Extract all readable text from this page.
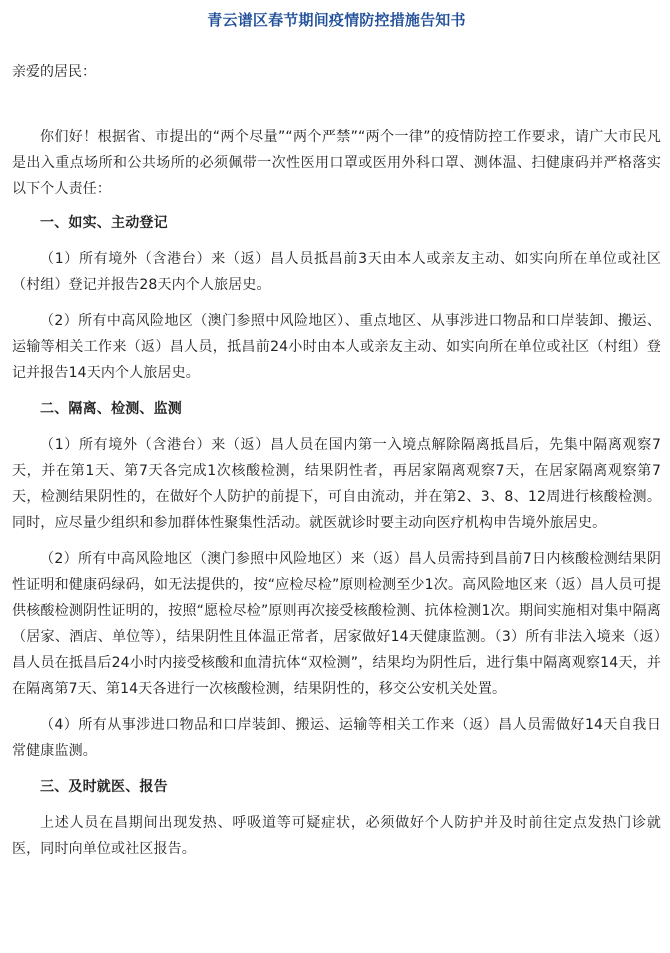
青云谱区春节期间疫情防控措施告知书

亲爱的居民：

你们好！根据省、市提出的“两个尽量”“两个严禁”“两个一律”的疫情防控工作要求，请广大市民凡是出入重点场所和公共场所的必须佩带一次性医用口罩或医用外科口罩、测体温、扫健康码并严格落实以下个人责任：

一、如实、主动登记

（1）所有境外（含港台）来（返）昌人员抵昌前3天由本人或亲友主动、如实向所在单位或社区（村组）登记并报告28天内个人旅居史。

（2）所有中高风险地区（澳门参照中风险地区）、重点地区、从事涉进口物品和口岸装卸、搬运、运输等相关工作来（返）昌人员，抵昌前24小时由本人或亲友主动、如实向所在单位或社区（村组）登记并报告14天内个人旅居史。

二、隔离、检测、监测

（1）所有境外（含港台）来（返）昌人员在国内第一入境点解除隔离抵昌后，先集中隔离观察7天，并在第1天、第7天各完成1次核酸检测，结果阴性者，再居家隔离观察7天，在居家隔离观察第7天，检测结果阴性的，在做好个人防护的前提下，可自由流动，并在第2、3、8、12周进行核酸检测。同时，应尽量少组织和参加群体性聚集性活动。就医就诊时要主动向医疗机构申告境外旅居史。

（2）所有中高风险地区（澳门参照中风险地区）来（返）昌人员需持到昌前7日内核酸检测结果阴性证明和健康码绿码，如无法提供的，按“应检尽检”原则检测至少1次。高风险地区来（返）昌人员可提供核酸检测阴性证明的，按照“愿检尽检”原则再次接受核酸检测、抗体检测1次。期间实施相对集中隔离（居家、酒店、单位等），结果阴性且体温正常者，居家做好14天健康监测。（3）所有非法入境来（返）昌人员在抵昌后24小时内接受核酸和血清抗体“双检测”，结果均为阴性后，进行集中隔离观察14天，并在隔离第7天、第14天各进行一次核酸检测，结果阴性的，移交公安机关处置。

（4）所有从事涉进口物品和口岸装卸、搬运、运输等相关工作来（返）昌人员需做好14天自我日常健康监测。

三、及时就医、报告

上述人员在昌期间出现发热、呼吸道等可疑症状，必须做好个人防护并及时前往定点发热门诊就医，同时向单位或社区报告。
